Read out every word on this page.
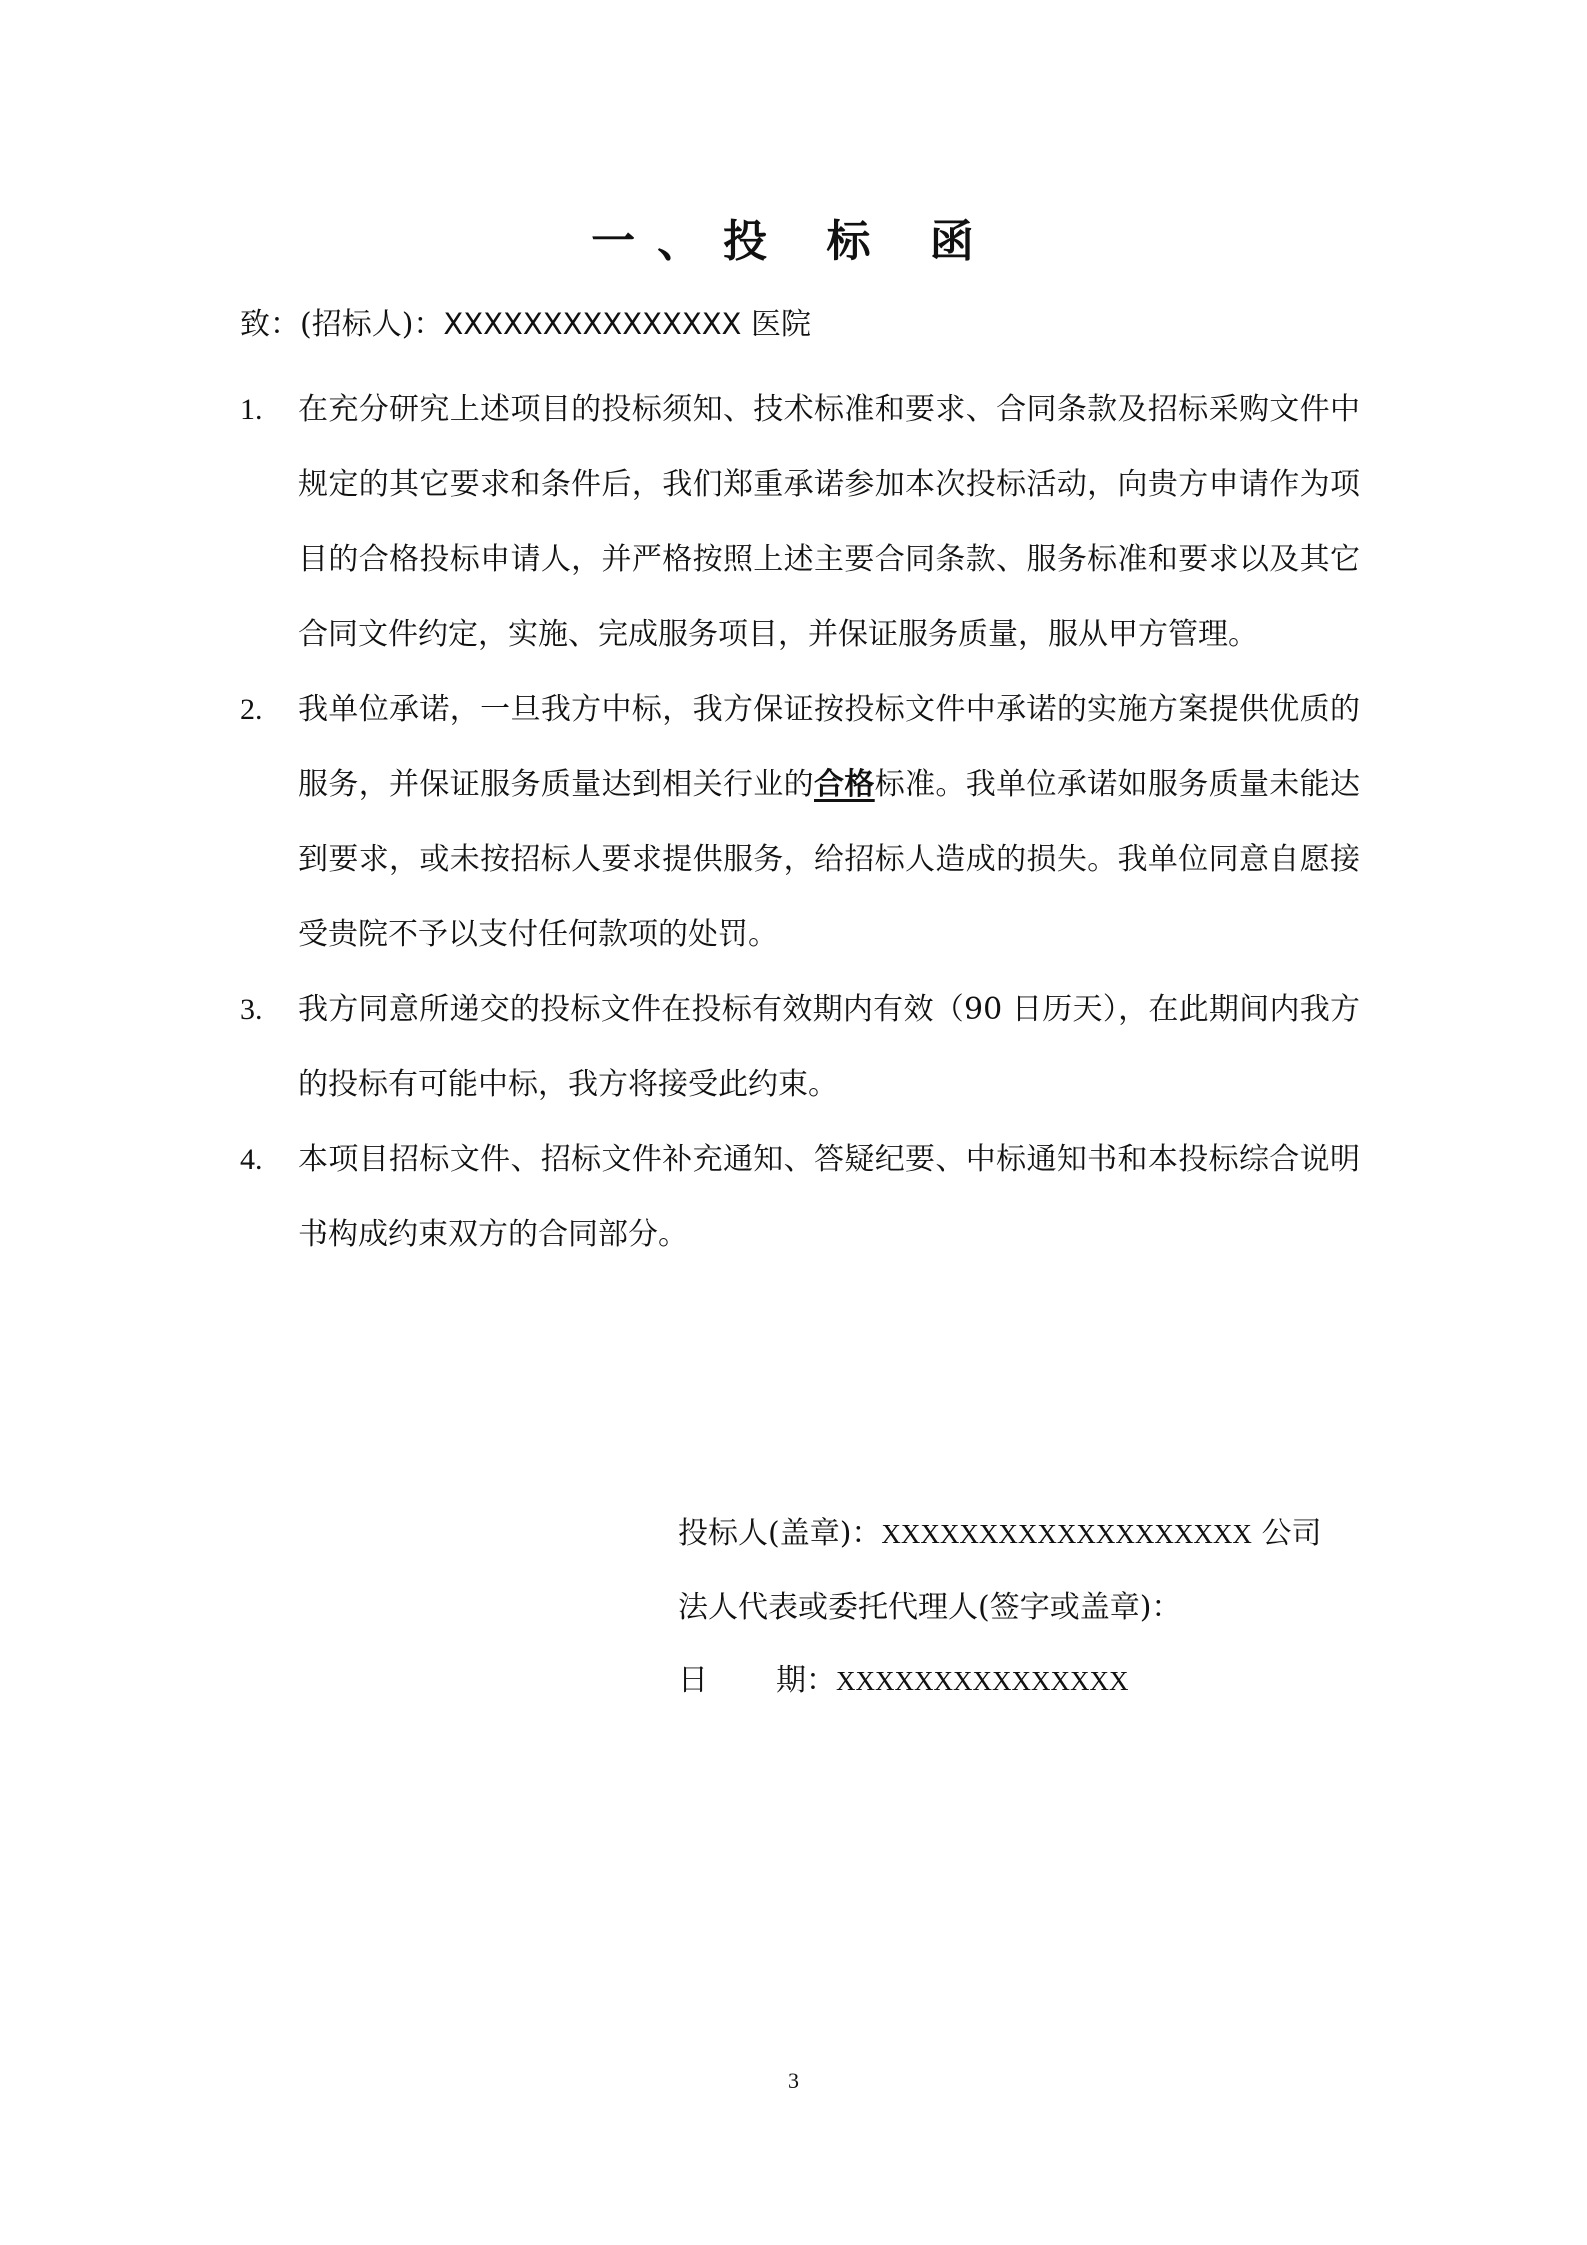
一、投 标 函
致：(招标人)：XXXXXXXXXXXXXXX 医院
1. 在充分研究上述项目的投标须知、技术标准和要求、合同条款及招标采购文件中规定的其它要求和条件后，我们郑重承诺参加本次投标活动，向贵方申请作为项目的合格投标申请人，并严格按照上述主要合同条款、服务标准和要求以及其它合同文件约定，实施、完成服务项目，并保证服务质量，服从甲方管理。
2. 我单位承诺，一旦我方中标，我方保证按投标文件中承诺的实施方案提供优质的服务，并保证服务质量达到相关行业的合格标准。我单位承诺如服务质量未能达到要求，或未按招标人要求提供服务，给招标人造成的损失。我单位同意自愿接受贵院不予以支付任何款项的处罚。
3. 我方同意所递交的投标文件在投标有效期内有效（90 日历天），在此期间内我方的投标有可能中标，我方将接受此约束。
4. 本项目招标文件、招标文件补充通知、答疑纪要、中标通知书和本投标综合说明书构成约束双方的合同部分。
投标人(盖章)：XXXXXXXXXXXXXXXXXXX 公司
法人代表或委托代理人(签字或盖章)：
日 期：XXXXXXXXXXXXXXX
3
